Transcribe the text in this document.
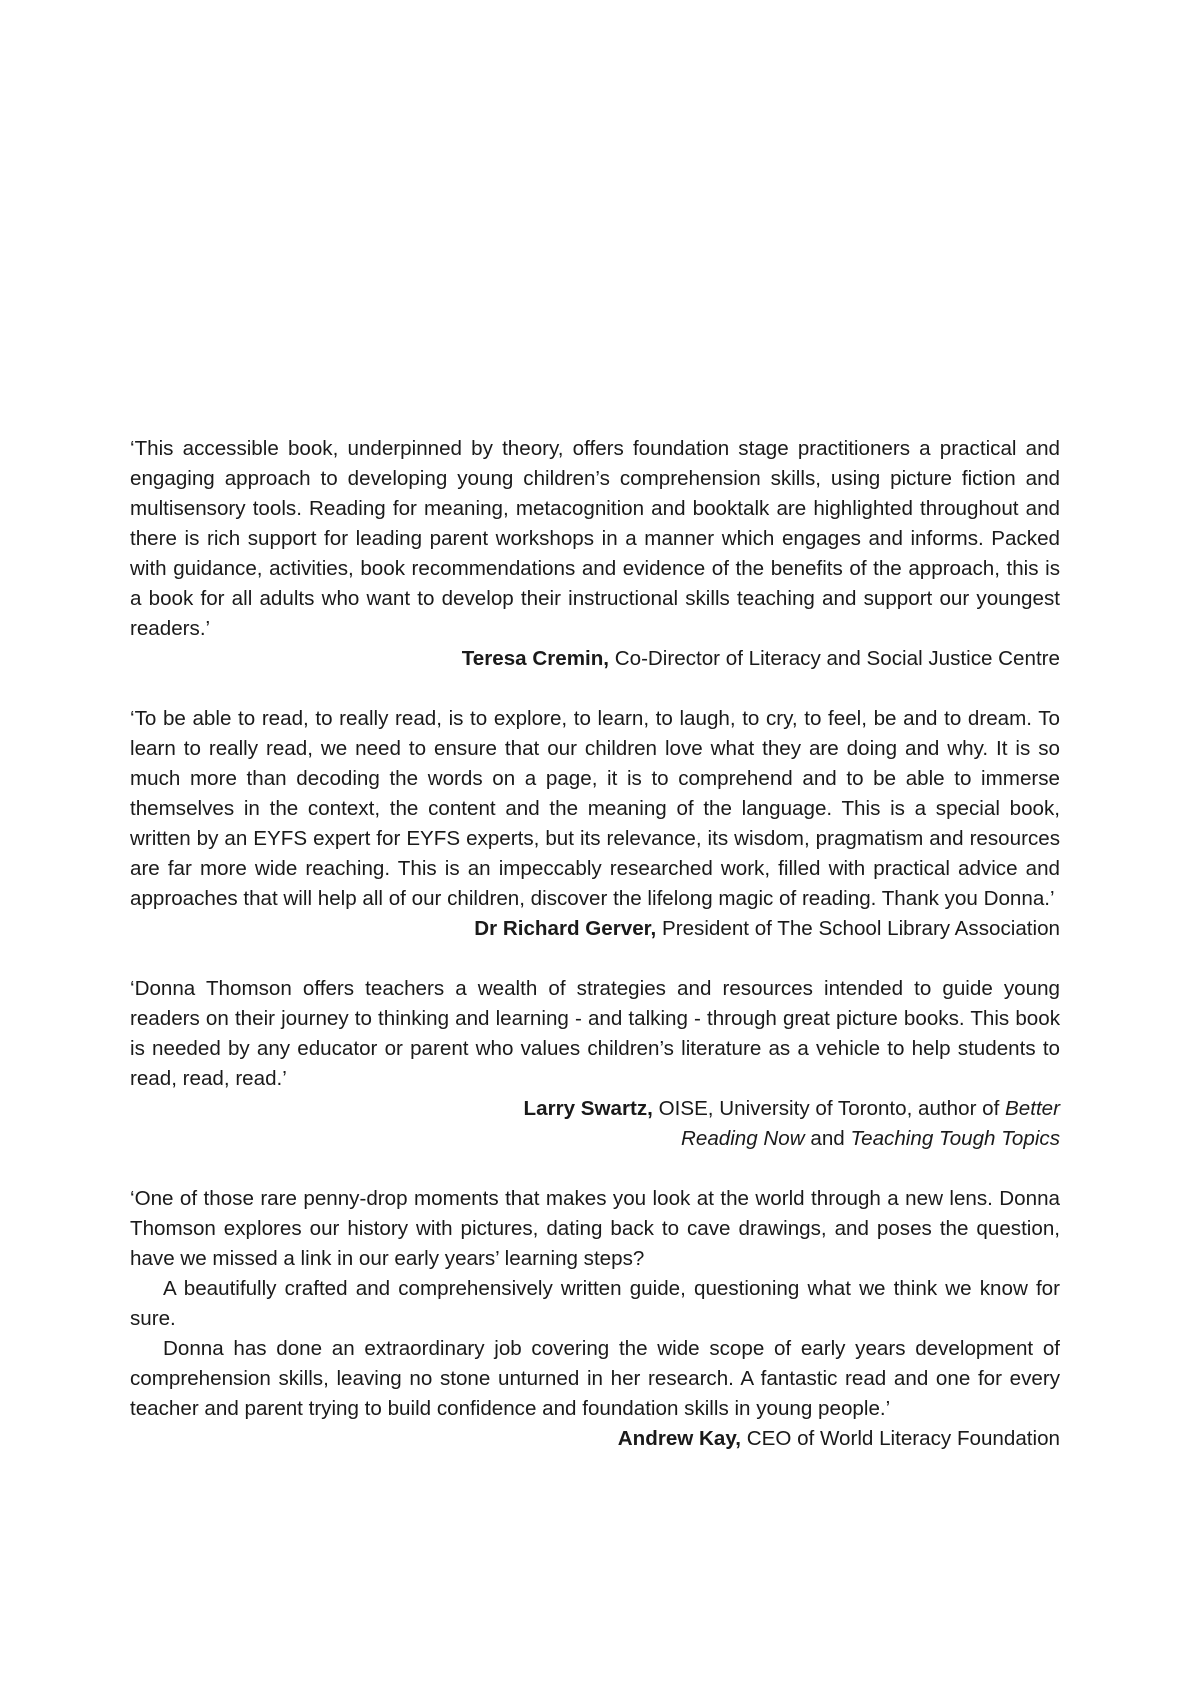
‘This accessible book, underpinned by theory, offers foundation stage practitioners a practical and engaging approach to developing young children’s comprehension skills, using picture fiction and multisensory tools. Reading for meaning, metacognition and booktalk are highlighted throughout and there is rich support for leading parent workshops in a manner which engages and informs. Packed with guidance, activities, book recommendations and evidence of the benefits of the approach, this is a book for all adults who want to develop their instructional skills teaching and support our youngest readers.’

Teresa Cremin, Co-Director of Literacy and Social Justice Centre

‘To be able to read, to really read, is to explore, to learn, to laugh, to cry, to feel, be and to dream. To learn to really read, we need to ensure that our children love what they are doing and why. It is so much more than decoding the words on a page, it is to comprehend and to be able to immerse themselves in the context, the content and the meaning of the language. This is a special book, written by an EYFS expert for EYFS experts, but its relevance, its wisdom, pragmatism and resources are far more wide reaching. This is an impeccably researched work, filled with practical advice and approaches that will help all of our children, discover the lifelong magic of reading. Thank you Donna.’

Dr Richard Gerver, President of The School Library Association

‘Donna Thomson offers teachers a wealth of strategies and resources intended to guide young readers on their journey to thinking and learning - and talking - through great picture books. This book is needed by any educator or parent who values children’s literature as a vehicle to help students to read, read, read.’

Larry Swartz, OISE, University of Toronto, author of Better
Reading Now and Teaching Tough Topics

‘One of those rare penny-drop moments that makes you look at the world through a new lens. Donna Thomson explores our history with pictures, dating back to cave drawings, and poses the question, have we missed a link in our early years’ learning steps?

A beautifully crafted and comprehensively written guide, questioning what we think we know for sure.

Donna has done an extraordinary job covering the wide scope of early years development of comprehension skills, leaving no stone unturned in her research. A fantastic read and one for every teacher and parent trying to build confidence and foundation skills in young people.’

Andrew Kay, CEO of World Literacy Foundation
